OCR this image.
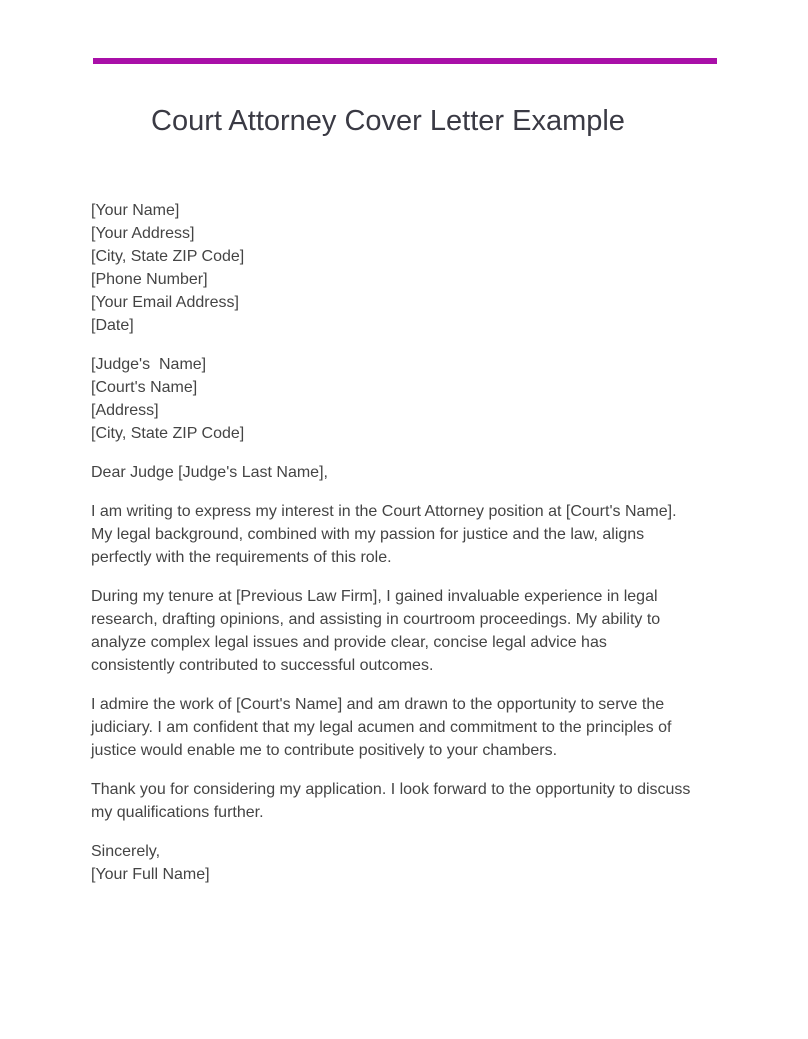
Court Attorney Cover Letter Example
[Your Name]
[Your Address]
[City, State ZIP Code]
[Phone Number]
[Your Email Address]
[Date]
[Judge's  Name]
[Court's Name]
[Address]
[City, State ZIP Code]

Dear Judge [Judge's Last Name],

I am writing to express my interest in the Court Attorney position at [Court's Name]. My legal background, combined with my passion for justice and the law, aligns perfectly with the requirements of this role.

During my tenure at [Previous Law Firm], I gained invaluable experience in legal research, drafting opinions, and assisting in courtroom proceedings. My ability to analyze complex legal issues and provide clear, concise legal advice has consistently contributed to successful outcomes.

I admire the work of [Court's Name] and am drawn to the opportunity to serve the judiciary. I am confident that my legal acumen and commitment to the principles of justice would enable me to contribute positively to your chambers.

Thank you for considering my application. I look forward to the opportunity to discuss my qualifications further.

Sincerely,
[Your Full Name]
